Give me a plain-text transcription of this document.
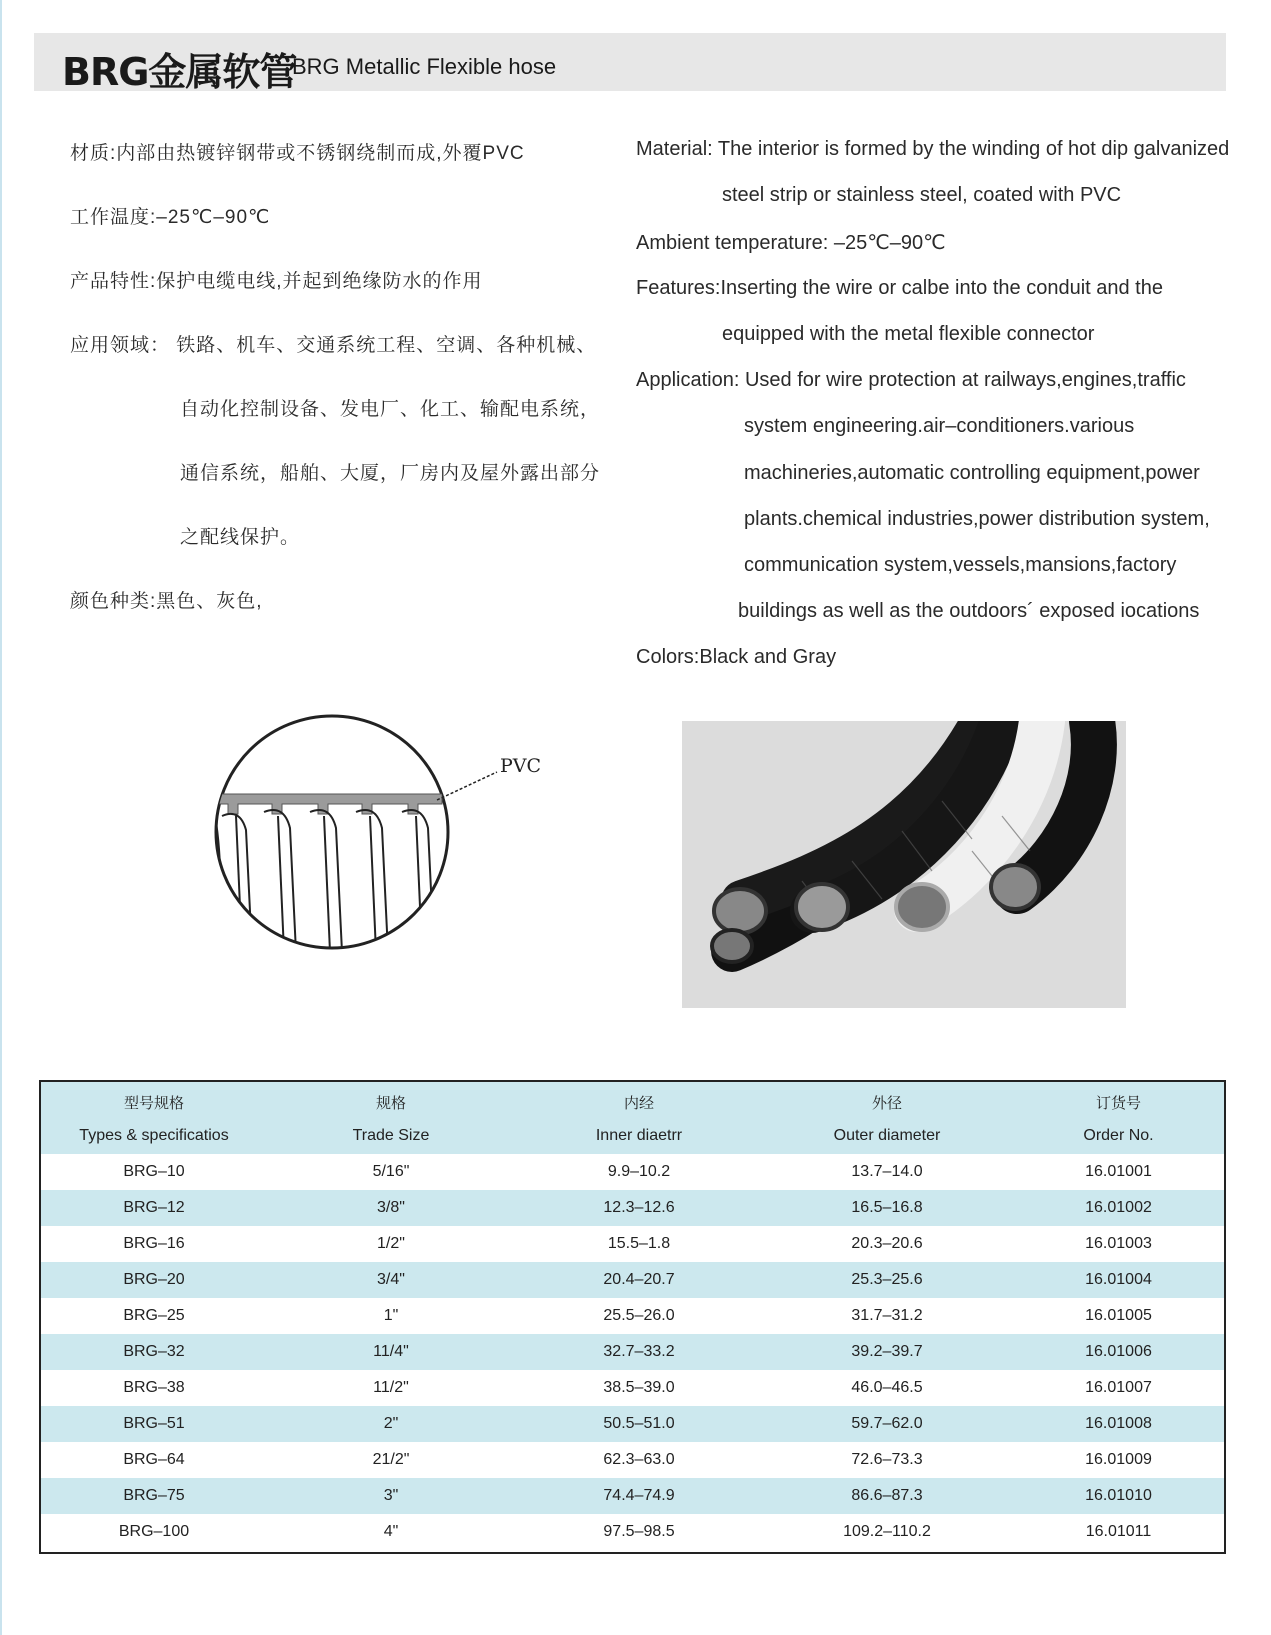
BRG金属软管
BRG Metallic Flexible hose
材质:内部由热镀锌钢带或不锈钢绕制而成,外覆PVC
工作温度:–25℃–90℃
产品特性:保护电缆电线,并起到绝缘防水的作用
应用领域： 铁路、机车、交通系统工程、空调、各种机械、
自动化控制设备、发电厂、化工、输配电系统，
通信系统，船舶、大厦，厂房内及屋外露出部分
之配线保护。
颜色种类:黑色、灰色,
Material: The interior is formed by the winding of hot dip galvanized
steel strip or stainless steel, coated with PVC
Ambient temperature: –25℃–90℃
Features:Inserting the wire or calbe into the conduit and the
equipped with the metal flexible connector
Application: Used for wire protection at railways,engines,traffic
system engineering.air–conditioners.various
machineries,automatic controlling equipment,power
plants.chemical industries,power distribution system,
communication system,vessels,mansions,factory
buildings as well as the outdoors´ exposed iocations
Colors:Black and Gray
PVC
型号规格	规格	内经	外径	订货号
Types & specificatios	Trade Size	Inner diaetrr	Outer diameter	Order No.
BRG–10	5/16"	9.9–10.2	13.7–14.0	16.01001
BRG–12	3/8"	12.3–12.6	16.5–16.8	16.01002
BRG–16	1/2"	15.5–1.8	20.3–20.6	16.01003
BRG–20	3/4"	20.4–20.7	25.3–25.6	16.01004
BRG–25	1"	25.5–26.0	31.7–31.2	16.01005
BRG–32	11/4"	32.7–33.2	39.2–39.7	16.01006
BRG–38	11/2"	38.5–39.0	46.0–46.5	16.01007
BRG–51	2"	50.5–51.0	59.7–62.0	16.01008
BRG–64	21/2"	62.3–63.0	72.6–73.3	16.01009
BRG–75	3"	74.4–74.9	86.6–87.3	16.01010
BRG–100	4"	97.5–98.5	109.2–110.2	16.01011
